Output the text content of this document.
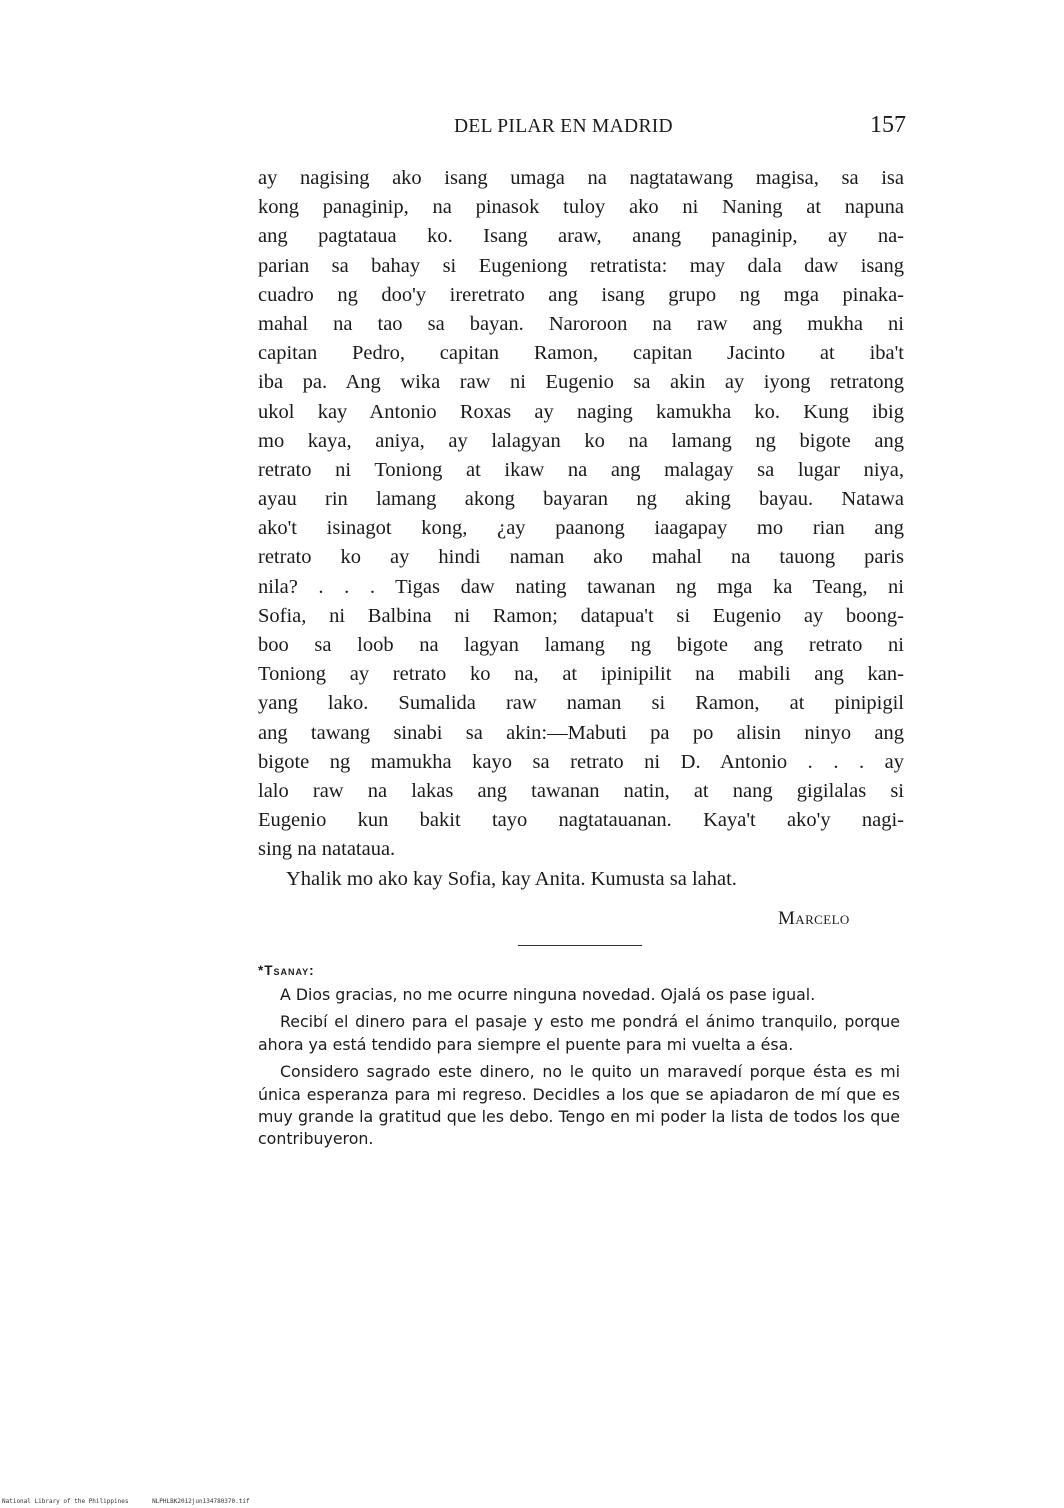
DEL PILAR EN MADRID	157
ay nagising ako isang umaga na nagtatawang magisa, sa isa
kong panaginip, na pinasok tuloy ako ni Naning at napuna
ang pagtataua ko. Isang araw, anang panaginip, ay na-
parian sa bahay si Eugeniong retratista: may dala daw isang
cuadro ng doo'y ireretrato ang isang grupo ng mga pinaka-
mahal na tao sa bayan. Naroroon na raw ang mukha ni
capitan Pedro, capitan Ramon, capitan Jacinto at iba't
iba pa. Ang wika raw ni Eugenio sa akin ay iyong retratong
ukol kay Antonio Roxas ay naging kamukha ko. Kung ibig
mo kaya, aniya, ay lalagyan ko na lamang ng bigote ang
retrato ni Toniong at ikaw na ang malagay sa lugar niya,
ayau rin lamang akong bayaran ng aking bayau. Natawa
ako't isinagot kong, ¿ay paanong iaagapay mo rian ang
retrato ko ay hindi naman ako mahal na tauong paris
nila? . . . Tigas daw nating tawanan ng mga ka Teang, ni
Sofia, ni Balbina ni Ramon; datapua't si Eugenio ay boong-
boo sa loob na lagyan lamang ng bigote ang retrato ni
Toniong ay retrato ko na, at ipinipilit na mabili ang kan-
yang lako. Sumalida raw naman si Ramon, at pinipigil
ang tawang sinabi sa akin:—Mabuti pa po alisin ninyo ang
bigote ng mamukha kayo sa retrato ni D. Antonio . . . ay
lalo raw na lakas ang tawanan natin, at nang gigilalas si
Eugenio kun bakit tayo nagtatauanan. Kaya't ako'y nagi-
sing na natataua.
Yhalik mo ako kay Sofia, kay Anita. Kumusta sa lahat.
Marcelo
*Tsanay:

A Dios gracias, no me ocurre ninguna novedad. Ojalá os pase igual.

Recibí el dinero para el pasaje y esto me pondrá el ánimo tranquilo, porque ahora ya está tendido para siempre el puente para mi vuelta a ésa.

Considero sagrado este dinero, no le quito un maravedí porque ésta es mi única esperanza para mi regreso. Decidles a los que se apiadaron de mí que es muy grande la gratitud que les debo. Tengo en mi poder la lista de todos los que contribuyeron.

National Library of the Philippines	NLPHLBK2012jun134780370.tif
